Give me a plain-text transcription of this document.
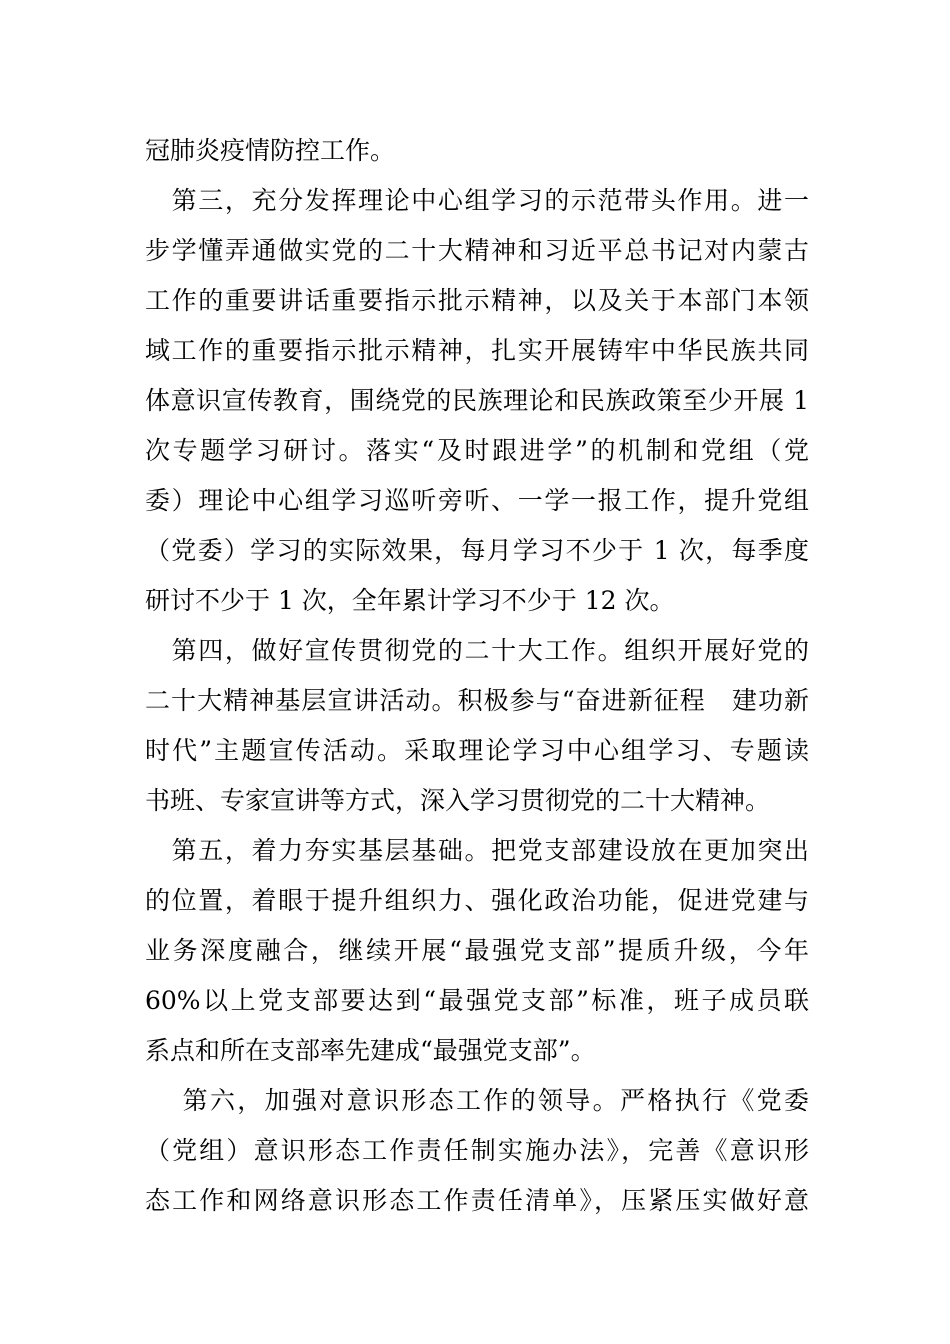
冠肺炎疫情防控工作。
　第三，充分发挥理论中心组学习的示范带头作用。进一
步学懂弄通做实党的二十大精神和习近平总书记对内蒙古
工作的重要讲话重要指示批示精神，以及关于本部门本领
域工作的重要指示批示精神，扎实开展铸牢中华民族共同
体意识宣传教育，围绕党的民族理论和民族政策至少开展 1
次专题学习研讨。落实“及时跟进学”的机制和党组（党
委）理论中心组学习巡听旁听、一学一报工作，提升党组
（党委）学习的实际效果，每月学习不少于 1 次，每季度
研讨不少于 1 次，全年累计学习不少于 12 次。
　第四，做好宣传贯彻党的二十大工作。组织开展好党的
二十大精神基层宣讲活动。积极参与“奋进新征程　建功新
时代”主题宣传活动。采取理论学习中心组学习、专题读
书班、专家宣讲等方式，深入学习贯彻党的二十大精神。
　第五，着力夯实基层基础。把党支部建设放在更加突出
的位置，着眼于提升组织力、强化政治功能，促进党建与
业务深度融合，继续开展“最强党支部”提质升级，今年
60%以上党支部要达到“最强党支部”标准，班子成员联
系点和所在支部率先建成“最强党支部”。
　 第六，加强对意识形态工作的领导。严格执行《党委
（党组）意识形态工作责任制实施办法》，完善《意识形
态工作和网络意识形态工作责任清单》，压紧压实做好意
